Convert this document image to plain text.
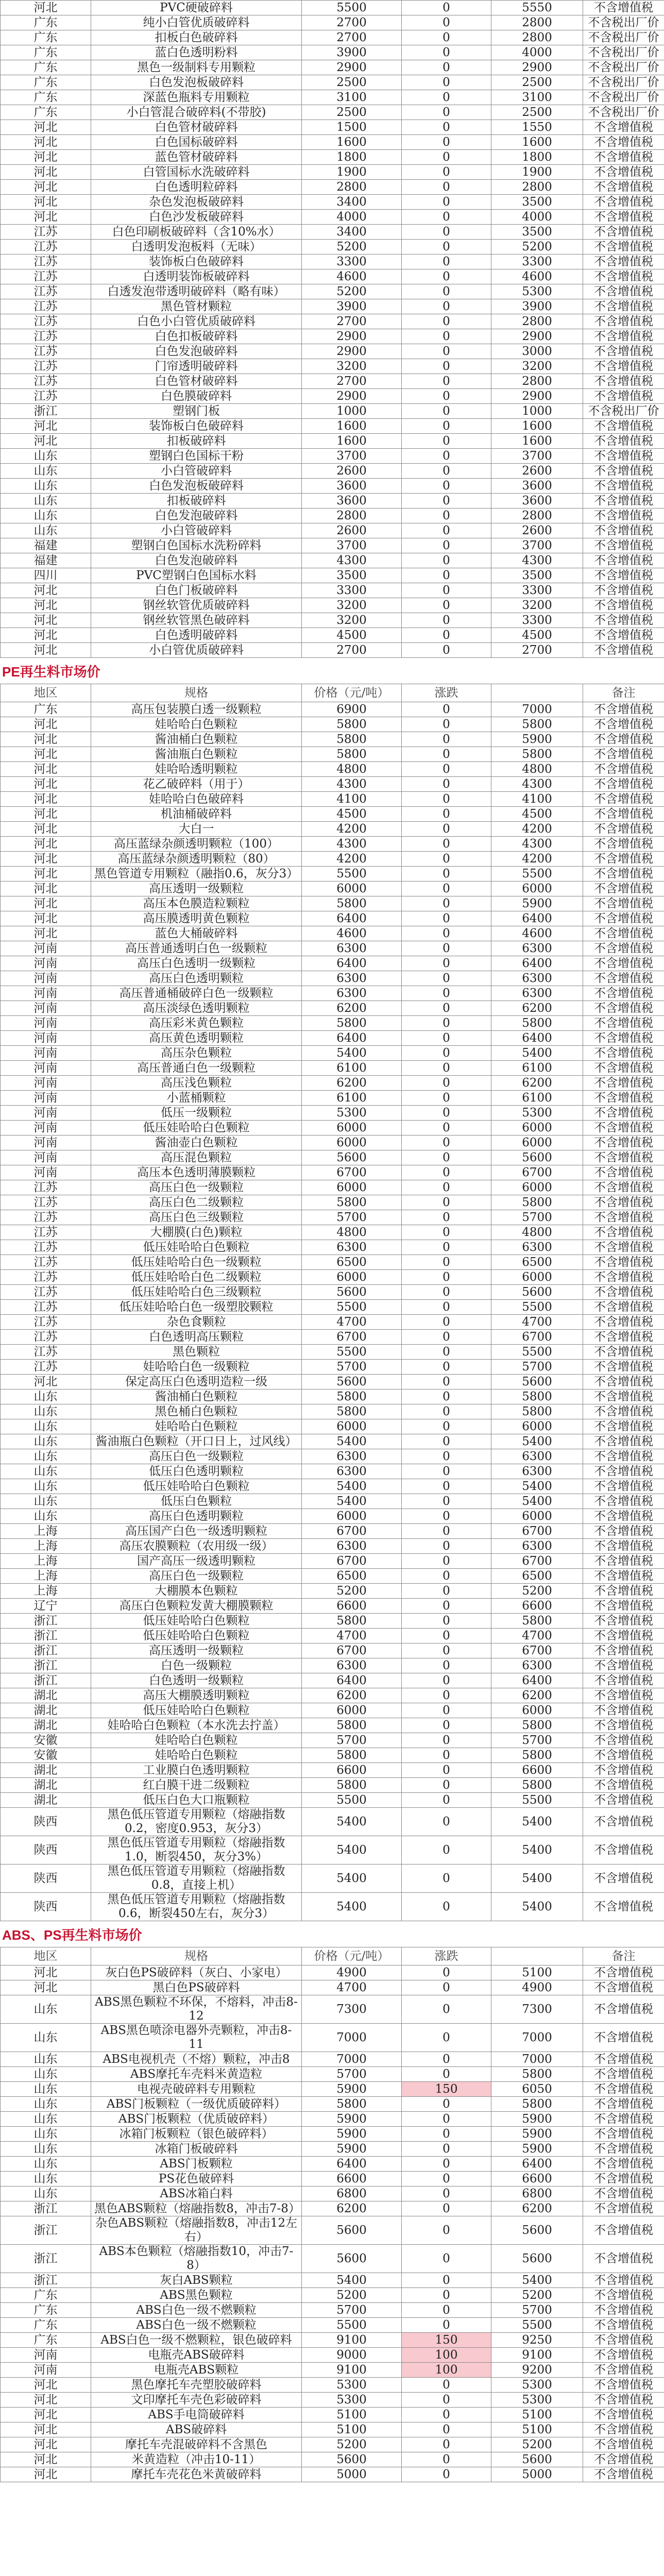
河北	PVC硬破碎料	5500	0	5550	不含增值税
广东	纯小白管优质破碎料	2700	0	2800	不含税出厂价
广东	扣板白色破碎料	2700	0	2800	不含税出厂价
广东	蓝白色透明粉料	3900	0	4000	不含税出厂价
广东	黑色一级制料专用颗粒	2900	0	2900	不含税出厂价
广东	白色发泡板破碎料	2500	0	2500	不含税出厂价
广东	深蓝色瓶料专用颗粒	3100	0	3100	不含税出厂价
广东	小白管混合破碎料(不带胶)	2500	0	2500	不含税出厂价
河北	白色管材破碎料	1500	0	1550	不含增值税
河北	白色国标破碎料	1600	0	1600	不含增值税
河北	蓝色管材破碎料	1800	0	1800	不含增值税
河北	白管国标水洗破碎料	1900	0	1900	不含增值税
河北	白色透明粒碎料	2800	0	2800	不含增值税
河北	杂色发泡板破碎料	3400	0	3500	不含增值税
河北	白色沙发板破碎料	4000	0	4000	不含增值税
江苏	白色印刷板破碎料（含10%水）	3400	0	3500	不含增值税
江苏	白透明发泡板料（无味）	5200	0	5200	不含增值税
江苏	装饰板白色破碎料	3300	0	3300	不含增值税
江苏	白透明装饰板破碎料	4600	0	4600	不含增值税
江苏	白透发泡带透明破碎料（略有味）	5200	0	5300	不含增值税
江苏	黑色管材颗粒	3900	0	3900	不含增值税
江苏	白色小白管优质破碎料	2700	0	2800	不含增值税
江苏	白色扣板破碎料	2900	0	2900	不含增值税
江苏	白色发泡破碎料	2900	0	3000	不含增值税
江苏	门帘透明破碎料	3200	0	3200	不含增值税
江苏	白色管材破碎料	2700	0	2800	不含增值税
江苏	白色膜破碎料	2900	0	2900	不含增值税
浙江	塑钢门板	1000	0	1000	不含税出厂价
河北	装饰板白色破碎料	1600	0	1600	不含增值税
河北	扣板破碎料	1600	0	1600	不含增值税
山东	塑钢白色国标干粉	3700	0	3700	不含增值税
山东	小白管破碎料	2600	0	2600	不含增值税
山东	白色发泡板破碎料	3600	0	3600	不含增值税
山东	扣板破碎料	3600	0	3600	不含增值税
山东	白色发泡破碎料	2800	0	2800	不含增值税
山东	小白管破碎料	2600	0	2600	不含增值税
福建	塑钢白色国标水洗粉碎料	3700	0	3700	不含增值税
福建	白色发泡破碎料	4300	0	4300	不含增值税
四川	PVC塑钢白色国标水料	3500	0	3500	不含增值税
河北	白色门板破碎料	3300	0	3300	不含增值税
河北	钢丝软管优质破碎料	3200	0	3200	不含增值税
河北	钢丝软管黑色破碎料	3200	0	3300	不含增值税
河北	白色透明破碎料	4500	0	4500	不含增值税
河北	小白管优质破碎料	2700	0	2700	不含增值税
PE再生料市场价
地区	规格	价格（元/吨）	涨跌		备注
广东	高压包装膜白透一级颗粒	6900	0	7000	不含增值税
河北	娃哈哈白色颗粒	5800	0	5800	不含增值税
河北	酱油桶白色颗粒	5800	0	5900	不含增值税
河北	酱油瓶白色颗粒	5800	0	5800	不含增值税
河北	娃哈哈透明颗粒	4800	0	4800	不含增值税
河北	花乙破碎料（用于）	4300	0	4300	不含增值税
河北	娃哈哈白色破碎料	4100	0	4100	不含增值税
河北	机油桶破碎料	4500	0	4500	不含增值税
河北	大白一	4200	0	4200	不含增值税
河北	高压蓝绿杂颜透明颗粒（100）	4300	0	4300	不含增值税
河北	高压蓝绿杂颜透明颗粒（80）	4200	0	4200	不含增值税
河北	黑色管道专用颗粒（融指0.6，灰分3）	5500	0	5500	不含增值税
河北	高压透明一级颗粒	6000	0	6000	不含增值税
河北	高压本色膜造粒颗粒	5800	0	5900	不含增值税
河北	高压膜透明黄色颗粒	6400	0	6400	不含增值税
河北	蓝色大桶破碎料	4600	0	4600	不含增值税
河南	高压普通透明白色一级颗粒	6300	0	6300	不含增值税
河南	高压白色透明一级颗粒	6400	0	6400	不含增值税
河南	高压白色透明颗粒	6300	0	6300	不含增值税
河南	高压普通桶破碎白色一级颗粒	6300	0	6300	不含增值税
河南	高压淡绿色透明颗粒	6200	0	6200	不含增值税
河南	高压彩米黄色颗粒	5800	0	5800	不含增值税
河南	高压黄色透明颗粒	6400	0	6400	不含增值税
河南	高压杂色颗粒	5400	0	5400	不含增值税
河南	高压普通白色一级颗粒	6100	0	6100	不含增值税
河南	高压浅色颗粒	6200	0	6200	不含增值税
河南	小蓝桶颗粒	6100	0	6100	不含增值税
河南	低压一级颗粒	5300	0	5300	不含增值税
河南	低压娃哈哈白色颗粒	6000	0	6000	不含增值税
河南	酱油壶白色颗粒	6000	0	6000	不含增值税
河南	高压混色颗粒	5600	0	5600	不含增值税
河南	高压本色透明薄膜颗粒	6700	0	6700	不含增值税
江苏	高压白色一级颗粒	6000	0	6000	不含增值税
江苏	高压白色二级颗粒	5800	0	5800	不含增值税
江苏	高压白色三级颗粒	5700	0	5700	不含增值税
江苏	大棚膜(白色)颗粒	4800	0	4800	不含增值税
江苏	低压娃哈哈白色颗粒	6300	0	6300	不含增值税
江苏	低压娃哈哈白色一级颗粒	6500	0	6500	不含增值税
江苏	低压娃哈哈白色二级颗粒	6000	0	6000	不含增值税
江苏	低压娃哈哈白色三级颗粒	5600	0	5600	不含增值税
江苏	低压娃哈哈白色一级塑胶颗粒	5500	0	5500	不含增值税
江苏	杂色食颗粒	4700	0	4700	不含增值税
江苏	白色透明高压颗粒	6700	0	6700	不含增值税
江苏	黑色颗粒	5500	0	5500	不含增值税
江苏	娃哈哈白色一级颗粒	5700	0	5700	不含增值税
河北	保定高压白色透明造粒一级	5600	0	5600	不含增值税
山东	酱油桶白色颗粒	5800	0	5800	不含增值税
山东	黑色桶白色颗粒	5800	0	5800	不含增值税
山东	娃哈哈白色颗粒	6000	0	6000	不含增值税
山东	酱油瓶白色颗粒（开口日上，过风线）	5400	0	5400	不含增值税
山东	高压白色一级颗粒	6300	0	6300	不含增值税
山东	低压白色透明颗粒	6300	0	6300	不含增值税
山东	低压娃哈哈白色颗粒	5400	0	5400	不含增值税
山东	低压白色颗粒	5400	0	5400	不含增值税
山东	高压白色透明颗粒	6000	0	6000	不含增值税
上海	高压国产白色一级透明颗粒	6700	0	6700	不含增值税
上海	高压农膜颗粒（农用级一级）	6300	0	6300	不含增值税
上海	国产高压一级透明颗粒	6700	0	6700	不含增值税
上海	高压白色一级颗粒	6500	0	6500	不含增值税
上海	大棚膜本色颗粒	5200	0	5200	不含增值税
辽宁	高压白色颗粒发黄大棚膜颗粒	6600	0	6600	不含增值税
浙江	低压娃哈哈白色颗粒	5800	0	5800	不含增值税
浙江	低压娃哈哈白色颗粒	4700	0	4700	不含增值税
浙江	高压透明一级颗粒	6700	0	6700	不含增值税
浙江	白色一级颗粒	6300	0	6300	不含增值税
浙江	白色透明一级颗粒	6400	0	6400	不含增值税
湖北	高压大棚膜透明颗粒	6200	0	6200	不含增值税
湖北	低压娃哈哈白色颗粒	6000	0	6000	不含增值税
湖北	娃哈哈白色颗粒（本水洗去拧盖）	5800	0	5800	不含增值税
安徽	娃哈哈白色颗粒	5700	0	5700	不含增值税
安徽	娃哈哈白色颗粒	5800	0	5800	不含增值税
湖北	工业膜白色透明颗粒	6600	0	6600	不含增值税
湖北	红白膜干进二级颗粒	5800	0	5800	不含增值税
湖北	低压白色大口瓶颗粒	5500	0	5500	不含增值税
陕西	黑色低压管道专用颗粒（熔融指数0.2，密度0.953，灰分3）	5400	0	5400	不含增值税
陕西	黑色低压管道专用颗粒（熔融指数1.0，断裂450，灰分3%）	5400	0	5400	不含增值税
陕西	黑色低压管道专用颗粒（熔融指数0.8，直接上机）	5400	0	5400	不含增值税
陕西	黑色低压管道专用颗粒（熔融指数0.6，断裂450左右，灰分3）	5400	0	5400	不含增值税
ABS、PS再生料市场价
地区	规格	价格（元/吨）	涨跌		备注
河北	灰白色PS破碎料（灰白、小家电）	4900	0	5100	不含增值税
河北	黑白色PS破碎料	4700	0	4900	不含增值税
山东	ABS黑色颗粒不环保，不熔料，冲击8-12	7300	0	7300	不含增值税
山东	ABS黑色喷涂电器外壳颗粒，冲击8-11	7000	0	7000	不含增值税
山东	ABS电视机壳（不熔）颗粒，冲击8	7000	0	7000	不含增值税
山东	ABS摩托车壳料米黄造粒	5700	0	5800	不含增值税
山东	电视壳破碎料专用颗粒	5900	150	6050	不含增值税
山东	ABS门板颗粒（一级优质破碎料）	5800	0	5800	不含增值税
山东	ABS门板颗粒（优质破碎料）	5900	0	5900	不含增值税
山东	冰箱门板颗粒（银色破碎料）	5900	0	5900	不含增值税
山东	冰箱门板破碎料	5900	0	5900	不含增值税
山东	ABS门板颗粒	6400	0	6400	不含增值税
山东	PS花色破碎料	6600	0	6600	不含增值税
山东	ABS冰箱白料	6800	0	6800	不含增值税
浙江	黑色ABS颗粒（熔融指数8，冲击7-8）	6200	0	6200	不含增值税
浙江	杂色ABS颗粒（熔融指数8，冲击12左右）	5600	0	5600	不含增值税
浙江	ABS本色颗粒（熔融指数10，冲击7-8）	5600	0	5600	不含增值税
浙江	灰白ABS颗粒	5400	0	5400	不含增值税
广东	ABS黑色颗粒	5200	0	5200	不含增值税
广东	ABS白色一级不燃颗粒	5700	0	5700	不含增值税
广东	ABS白色一级不燃颗粒	5500	0	5500	不含增值税
广东	ABS白色一级不燃颗粒，银色破碎料	9100	150	9250	不含增值税
河南	电瓶壳ABS破碎料	9000	100	9100	不含增值税
河南	电瓶壳ABS颗粒	9100	100	9200	不含增值税
河北	黑色摩托车壳塑胶破碎料	5300	0	5300	不含增值税
河北	文印摩托车壳色彩破碎料	5300	0	5300	不含增值税
河北	ABS手电筒破碎料	5100	0	5100	不含增值税
河北	ABS破碎料	5100	0	5100	不含增值税
河北	摩托车壳混破碎料不含黑色	5200	0	5200	不含增值税
河北	米黄造粒（冲击10-11）	5600	0	5600	不含增值税
河北	摩托车壳花色米黄破碎料	5000	0	5000	不含增值税
